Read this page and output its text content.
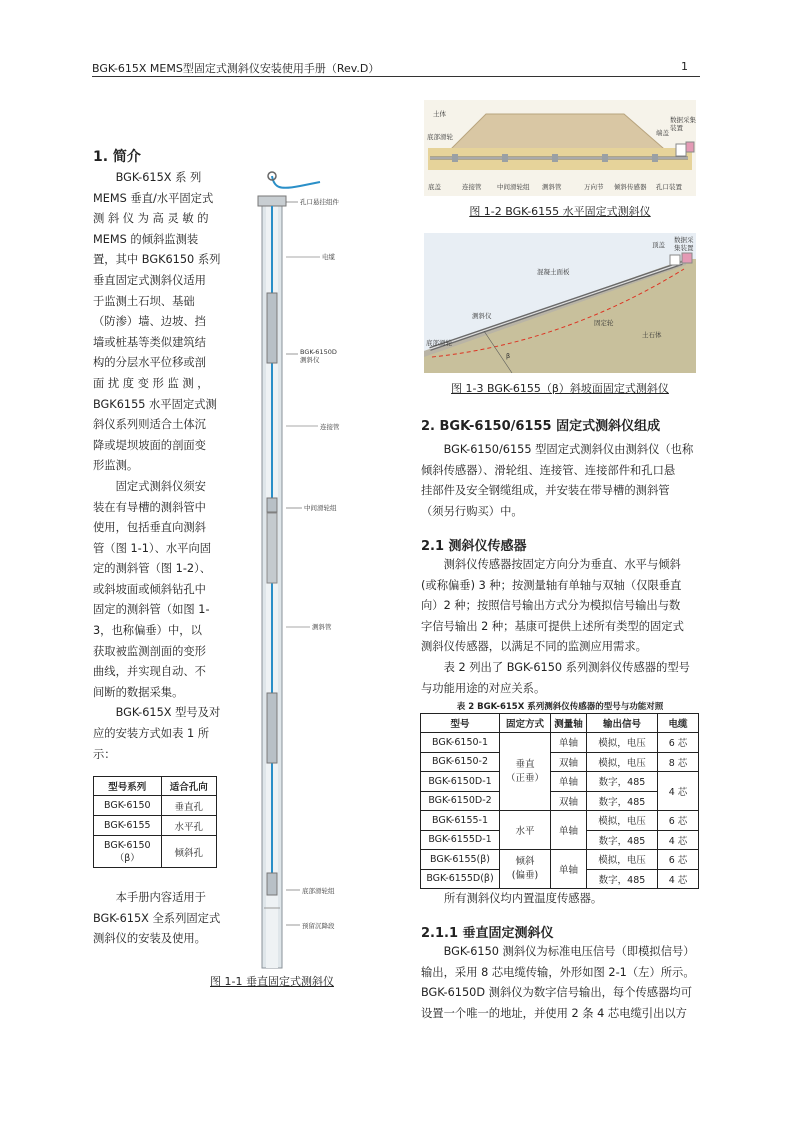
BGK-615X MEMS型固定式测斜仪安装使用手册（Rev.D）	1
1. 简介
BGK-615X 系 列
MEMS 垂直/水平固定式
测 斜 仪 为 高 灵 敏 的
MEMS 的倾斜监测装
置，其中 BGK6150 系列
垂直固定式测斜仪适用
于监测土石坝、基础
（防渗）墙、边坡、挡
墙或桩基等类似建筑结
构的分层水平位移或剖
面 扰 度 变 形 监 测 ，
BGK6155 水平固定式测
斜仪系列则适合土体沉
降或堤坝坡面的剖面变
形监测。
固定式测斜仪须安
装在有导槽的测斜管中
使用，包括垂直向测斜
管（图 1-1）、水平向固
定的测斜管（图 1-2）、
或斜坡面或倾斜钻孔中
固定的测斜管（如图 1-
3，也称偏垂）中，以
获取被监测剖面的变形
曲线，并实现自动、不
间断的数据采集。
BGK-615X 型号及对
应的安装方式如表 1 所
示：
型号系列	适合孔向
BGK-6150	垂直孔
BGK-6155	水平孔
BGK-6150
（β）	倾斜孔
本手册内容适用于
BGK-615X 全系列固定式
测斜仪的安装及使用。
孔口悬挂组件
电缆
BGK-6150D
测斜仪
连接管
中间滑轮组
测斜管
底部滑轮组
预留沉降段
图 1-1 垂直固定式测斜仪
土体
底部滑轮
数据采集
装置
端盖
底盖	连接管 中间滑轮组 测斜管	万向节 倾斜传感器 孔口装置
图 1-2 BGK-6155 水平固定式测斜仪
顶盖
数据采
集装置
混凝土面板
测斜仪
固定轮
土石体
底部滑轮
β
图 1-3 BGK-6155（β）斜坡面固定式测斜仪
2. BGK-6150/6155 固定式测斜仪组成
BGK-6150/6155 型固定式测斜仪由测斜仪（也称
倾斜传感器）、滑轮组、连接管、连接部件和孔口悬
挂部件及安全钢缆组成，并安装在带导槽的测斜管
（须另行购买）中。
2.1 测斜仪传感器
测斜仪传感器按固定方向分为垂直、水平与倾斜
(或称偏垂) 3 种；按测量轴有单轴与双轴（仅限垂直
向）2 种；按照信号输出方式分为模拟信号输出与数
字信号输出 2 种；基康可提供上述所有类型的固定式
测斜仪传感器，以满足不同的监测应用需求。
表 2 列出了 BGK-6150 系列测斜仪传感器的型号
与功能用途的对应关系。
表 2 BGK-615X 系列测斜仪传感器的型号与功能对照
型号	固定方式	测量轴	输出信号	电缆
BGK-6150-1	垂直
（正垂）	单轴	模拟，电压	6 芯
BGK-6150-2		双轴	模拟，电压	8 芯
BGK-6150D-1		单轴	数字，485	4 芯
BGK-6150D-2		双轴	数字，485	
BGK-6155-1	水平	单轴	模拟，电压	6 芯
BGK-6155D-1			数字，485	4 芯
BGK-6155(β)	倾斜
(偏垂)	单轴	模拟，电压	6 芯
BGK-6155D(β)			数字，485	4 芯
所有测斜仪均内置温度传感器。
2.1.1 垂直固定测斜仪
BGK-6150 测斜仪为标准电压信号（即模拟信号）
输出，采用 8 芯电缆传输，外形如图 2-1（左）所示。
BGK-6150D 测斜仪为数字信号输出，每个传感器均可
设置一个唯一的地址，并使用 2 条 4 芯电缆引出以方
